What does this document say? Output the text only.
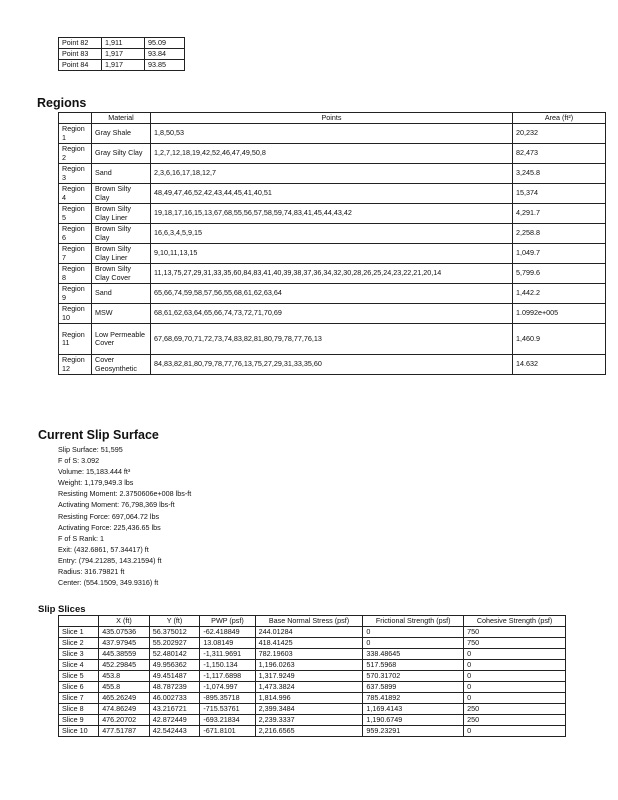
Point 82	1,911	95.09
Point 83	1,917	93.84
Point 84	1,917	93.85
Regions
	Material	Points	Area (ft²)
Region 1	Gray Shale	1,8,50,53	20,232
Region 2	Gray Silty Clay	1,2,7,12,18,19,42,52,46,47,49,50,8	82,473
Region 3	Sand	2,3,6,16,17,18,12,7	3,245.8
Region 4	Brown Silty Clay	48,49,47,46,52,42,43,44,45,41,40,51	15,374
Region 5	Brown Silty Clay Liner	19,18,17,16,15,13,67,68,55,56,57,58,59,74,83,41,45,44,43,42	4,291.7
Region 6	Brown Silty Clay	16,6,3,4,5,9,15	2,258.8
Region 7	Brown Silty Clay Liner	9,10,11,13,15	1,049.7
Region 8	Brown Silty Clay Cover	11,13,75,27,29,31,33,35,60,84,83,41,40,39,38,37,36,34,32,30,28,26,25,24,23,22,21,20,14	5,799.6
Region 9	Sand	65,66,74,59,58,57,56,55,68,61,62,63,64	1,442.2
Region 10	MSW	68,61,62,63,64,65,66,74,73,72,71,70,69	1.0992e+005
Region 11	Low Permeable Cover	67,68,69,70,71,72,73,74,83,82,81,80,79,78,77,76,13	1,460.9
Region 12	Cover Geosynthetic	84,83,82,81,80,79,78,77,76,13,75,27,29,31,33,35,60	14.632
Current Slip Surface
Slip Surface: 51,595
F of S: 3.092
Volume: 15,183.444 ft³
Weight: 1,179,949.3 lbs
Resisting Moment: 2.3750606e+008 lbs-ft
Activating Moment: 76,798,369 lbs-ft
Resisting Force: 697,064.72 lbs
Activating Force: 225,436.65 lbs
F of S Rank: 1
Exit: (432.6861, 57.34417) ft
Entry: (794.21285, 143.21594) ft
Radius: 316.79821 ft
Center: (554.1509, 349.9316) ft
Slip Slices
	X (ft)	Y (ft)	PWP (psf)	Base Normal Stress (psf)	Frictional Strength (psf)	Cohesive Strength (psf)
Slice 1	435.07536	56.375012	-62.418849	244.01284	0	750
Slice 2	437.97945	55.202927	13.08149	418.41425	0	750
Slice 3	445.38559	52.480142	-1,311.9691	782.19603	338.48645	0
Slice 4	452.29845	49.956362	-1,150.134	1,196.0263	517.5968	0
Slice 5	453.8	49.451487	-1,117.6898	1,317.9249	570.31702	0
Slice 6	455.8	48.787239	-1,074.997	1,473.3824	637.5899	0
Slice 7	465.26249	46.002733	-895.35718	1,814.996	785.41892	0
Slice 8	474.86249	43.216721	-715.53761	2,399.3484	1,169.4143	250
Slice 9	476.20702	42.872449	-693.21834	2,239.3337	1,190.6749	250
Slice 10	477.51787	42.542443	-671.8101	2,216.6565	959.23291	0
